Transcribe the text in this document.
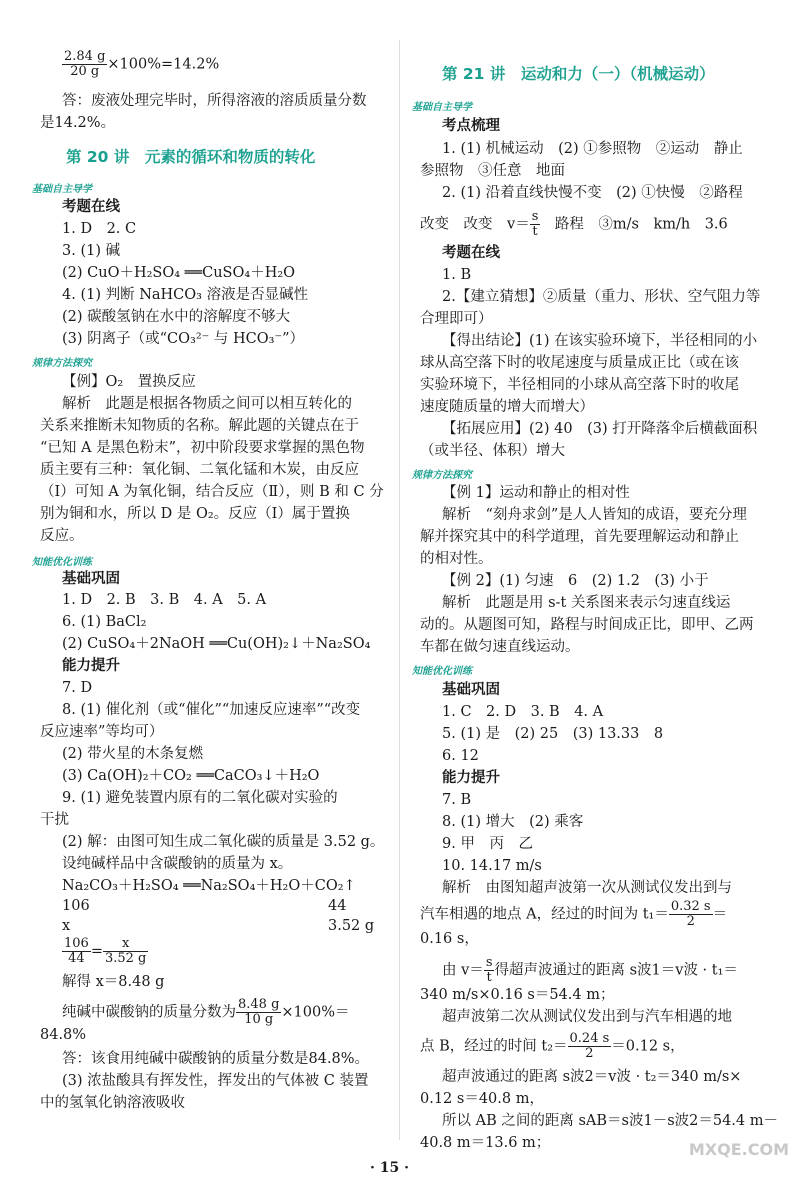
$\frac{2.84 g}{20 g} \times 100\%=14.2\%$
答：废液处理完毕时，所得溶液的溶质质量分数
是14.2%。
第 20 讲　元素的循环和物质的转化
基础自主导学
考题在线
1. D　2. C
3. (1) 碱
(2) CuO＋H₂SO₄ ══CuSO₄＋H₂O
4. (1) 判断 NaHCO₃ 溶液是否显碱性
(2) 碳酸氢钠在水中的溶解度不够大
(3) 阴离子（或“CO₃²⁻ 与 HCO₃⁻”）
规律方法探究
【例】O₂　置换反应
解析　此题是根据各物质之间可以相互转化的
关系来推断未知物质的名称。解此题的关键点在于
“已知 A 是黑色粉末”，初中阶段要求掌握的黑色物
质主要有三种：氧化铜、二氧化锰和木炭，由反应
（Ⅰ）可知 A 为氧化铜，结合反应（Ⅱ），则 B 和 C 分
别为铜和水，所以 D 是 O₂。反应（Ⅰ）属于置换
反应。
知能优化训练
基础巩固
1. D　2. B　3. B　4. A　5. A
6. (1) BaCl₂
(2) CuSO₄＋2NaOH ══Cu(OH)₂↓＋Na₂SO₄
能力提升
7. D
8. (1) 催化剂（或“催化”“加速反应速率”“改变
反应速率”等均可）
(2) 带火星的木条复燃
(3) Ca(OH)₂＋CO₂ ══CaCO₃↓＋H₂O
9. (1) 避免装置内原有的二氧化碳对实验的
干扰
(2) 解：由图可知生成二氧化碳的质量是 3.52 g。
设纯碱样品中含碳酸钠的质量为 x。
Na₂CO₃＋H₂SO₄ ══Na₂SO₄＋H₂O＋CO₂↑
106	44
x	3.52 g
$\frac{106}{44} = \frac{x}{3.52 g}$
解得 x＝8.48 g
纯碱中碳酸钠的质量分数为 $\frac{8.48 g}{10 g} \times 100\%=$
84.8%
答：该食用纯碱中碳酸钠的质量分数是84.8%。
(3) 浓盐酸具有挥发性，挥发出的气体被 C 装置
中的氢氧化钠溶液吸收
第 21 讲　运动和力（一）（机械运动）
基础自主导学
考点梳理
1. (1) 机械运动　(2) ①参照物　②运动　静止
参照物　③任意　地面
2. (1) 沿着直线快慢不变　(2) ①快慢　②路程
改变　改变　$v= \frac{s}{t}$ 　路程　③m/s　km/h　3.6
考题在线
1. B
2.【建立猜想】②质量（重力、形状、空气阻力等
合理即可）
【得出结论】(1) 在该实验环境下，半径相同的小
球从高空落下时的收尾速度与质量成正比（或在该
实验环境下，半径相同的小球从高空落下时的收尾
速度随质量的增大而增大）
【拓展应用】(2) 40　(3) 打开降落伞后横截面积
（或半径、体积）增大
规律方法探究
【例 1】运动和静止的相对性
解析　“刻舟求剑”是人人皆知的成语，要充分理
解并探究其中的科学道理，首先要理解运动和静止
的相对性。
【例 2】(1) 匀速　6　(2) 1.2　(3) 小于
解析　此题是用 s-t 关系图来表示匀速直线运
动的。从题图可知，路程与时间成正比，即甲、乙两
车都在做匀速直线运动。
知能优化训练
基础巩固
1. C　2. D　3. B　4. A
5. (1) 是　(2) 25　(3) 13.33　8
6. 12
能力提升
7. B
8. (1) 增大　(2) 乘客
9. 甲　丙　乙
10. 14.17 m/s
解析　由图知超声波第一次从测试仪发出到与
汽车相遇的地点 A，经过的时间为 $t_1= \frac{0.32 s}{2}$ ＝
0.16 s，
由 $v= \frac{s}{t}$ 得超声波通过的距离 s波1＝v波 · t₁＝
340 m/s×0.16 s＝54.4 m；
超声波第二次从测试仪发出到与汽车相遇的地
点 B，经过的时间 $t_2= \frac{0.24 s}{2} =0.12$ s，
超声波通过的距离 s波2＝v波 · t₂＝340 m/s×
0.12 s＝40.8 m，
所以 AB 之间的距离 sAB＝s波1－s波2＝54.4 m－
40.8 m＝13.6 m；
· 15 ·
MXQE.COM
